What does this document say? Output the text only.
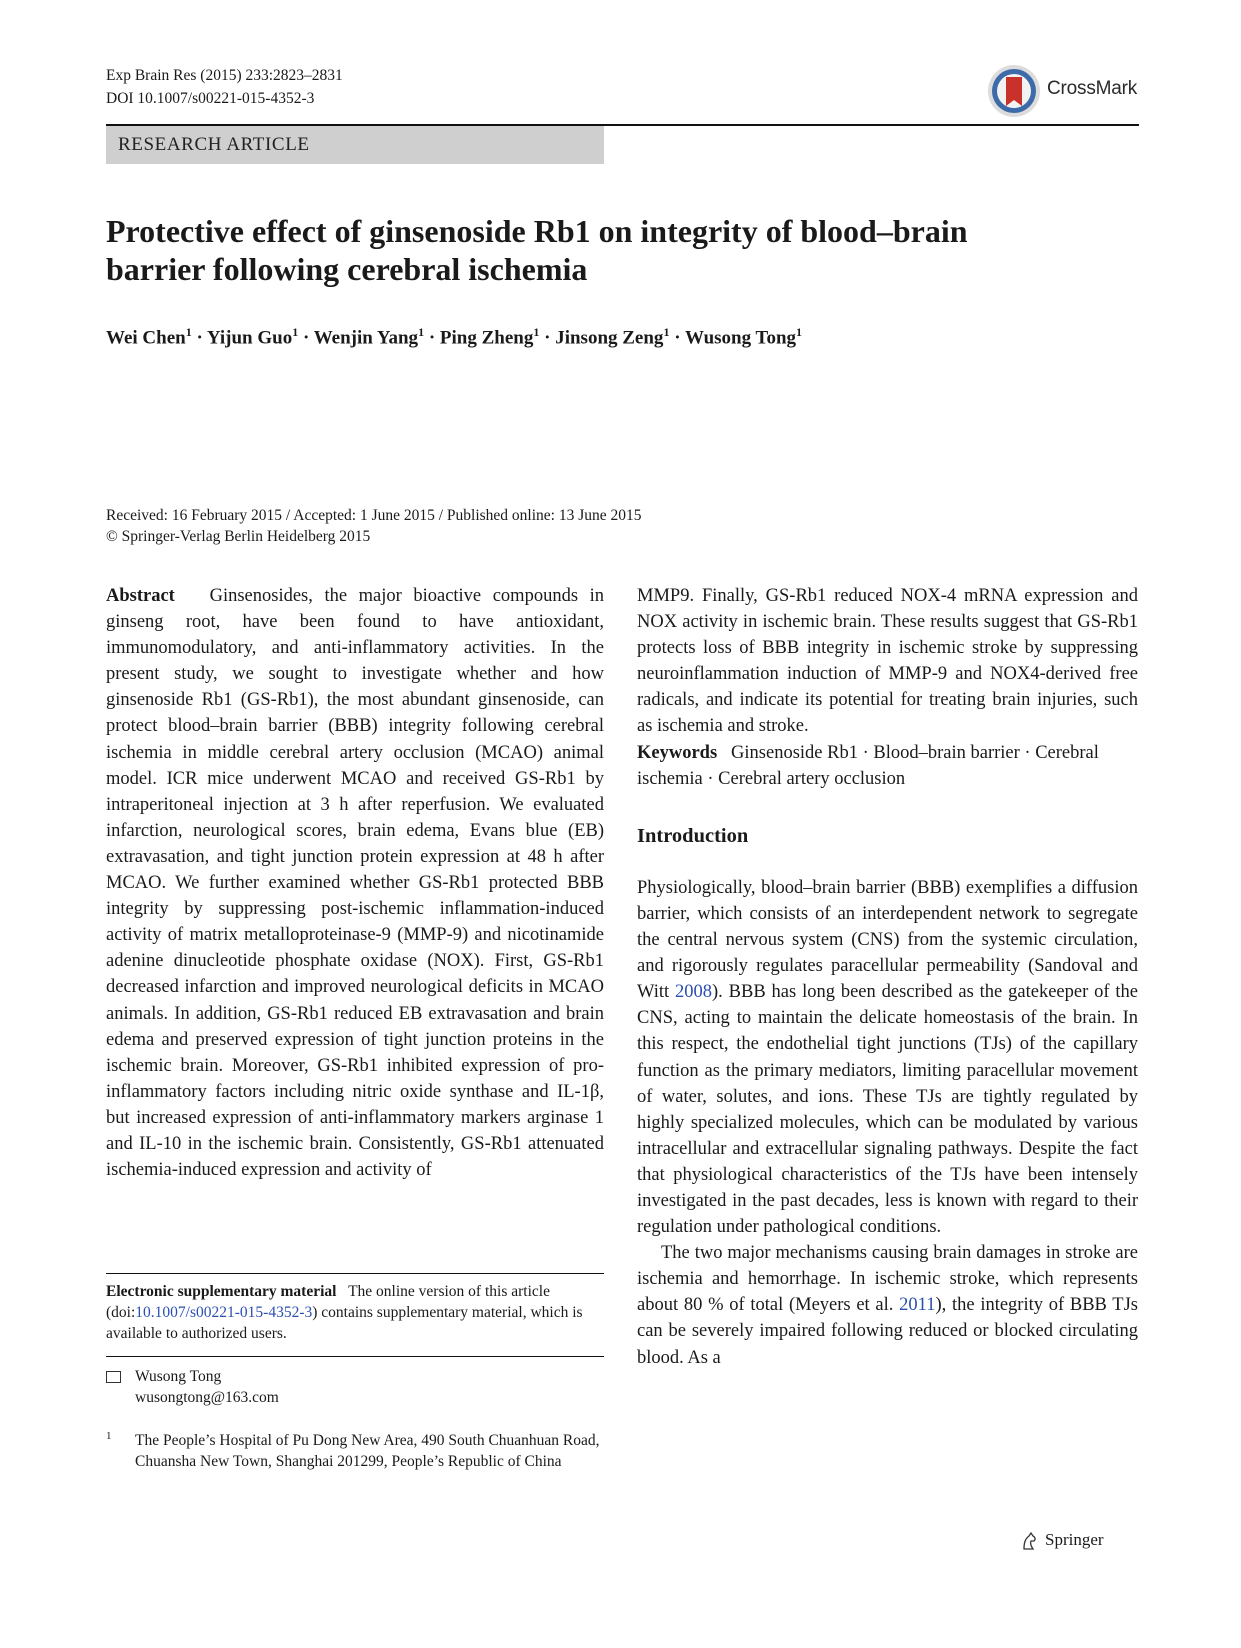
Exp Brain Res (2015) 233:2823–2831
DOI 10.1007/s00221-015-4352-3	CrossMark
RESEARCH ARTICLE
Protective effect of ginsenoside Rb1 on integrity of blood–brain
barrier following cerebral ischemia
Wei Chen$^1$ · Yijun Guo$^1$ · Wenjin Yang$^1$ · Ping Zheng$^1$ · Jinsong Zeng$^1$ · Wusong Tong$^1$
Received: 16 February 2015 / Accepted: 1 June 2015 / Published online: 13 June 2015
© Springer-Verlag Berlin Heidelberg 2015

Abstract Ginsenosides, the major bioactive compounds in ginseng root, have been found to have antioxidant, immunomodulatory, and anti-inflammatory activities. In the present study, we sought to investigate whether and how ginsenoside Rb1 (GS-Rb1), the most abundant ginsenoside, can protect blood–brain barrier (BBB) integrity following cerebral ischemia in middle cerebral artery occlusion (MCAO) animal model. ICR mice underwent MCAO and received GS-Rb1 by intraperitoneal injection at 3 h after reperfusion. We evaluated infarction, neurological scores, brain edema, Evans blue (EB) extravasation, and tight junction protein expression at 48 h after MCAO. We further examined whether GS-Rb1 protected BBB integrity by suppressing post-ischemic inflammation-induced activity of matrix metalloproteinase-9 (MMP-9) and nicotinamide adenine dinucleotide phosphate oxidase (NOX). First, GS-Rb1 decreased infarction and improved neurological deficits in MCAO animals. In addition, GS-Rb1 reduced EB extravasation and brain edema and preserved expression of tight junction proteins in the ischemic brain. Moreover, GS-Rb1 inhibited expression of pro-inflammatory factors including nitric oxide synthase and IL-1β, but increased expression of anti-inflammatory markers arginase 1 and IL-10 in the ischemic brain. Consistently, GS-Rb1 attenuated ischemia-induced expression and activity of

MMP9. Finally, GS-Rb1 reduced NOX-4 mRNA expression and NOX activity in ischemic brain. These results suggest that GS-Rb1 protects loss of BBB integrity in ischemic stroke by suppressing neuroinflammation induction of MMP-9 and NOX4-derived free radicals, and indicate its potential for treating brain injuries, such as ischemia and stroke.

Keywords Ginsenoside Rb1 · Blood–brain barrier · Cerebral ischemia · Cerebral artery occlusion

Introduction

Physiologically, blood–brain barrier (BBB) exemplifies a diffusion barrier, which consists of an interdependent network to segregate the central nervous system (CNS) from the systemic circulation, and rigorously regulates paracellular permeability (Sandoval and Witt 2008). BBB has long been described as the gatekeeper of the CNS, acting to maintain the delicate homeostasis of the brain. In this respect, the endothelial tight junctions (TJs) of the capillary function as the primary mediators, limiting paracellular movement of water, solutes, and ions. These TJs are tightly regulated by highly specialized molecules, which can be modulated by various intracellular and extracellular signaling pathways. Despite the fact that physiological characteristics of the TJs have been intensely investigated in the past decades, less is known with regard to their regulation under pathological conditions.

The two major mechanisms causing brain damages in stroke are ischemia and hemorrhage. In ischemic stroke, which represents about 80 % of total (Meyers et al. 2011), the integrity of BBB TJs can be severely impaired following reduced or blocked circulating blood. As a

Electronic supplementary material The online version of this article (doi:10.1007/s00221-015-4352-3) contains supplementary material, which is available to authorized users.
Wusong Tong
wusongtong@163.com
1	The People’s Hospital of Pu Dong New Area, 490 South Chuanhuan Road, Chuansha New Town, Shanghai 201299, People’s Republic of China
Springer
